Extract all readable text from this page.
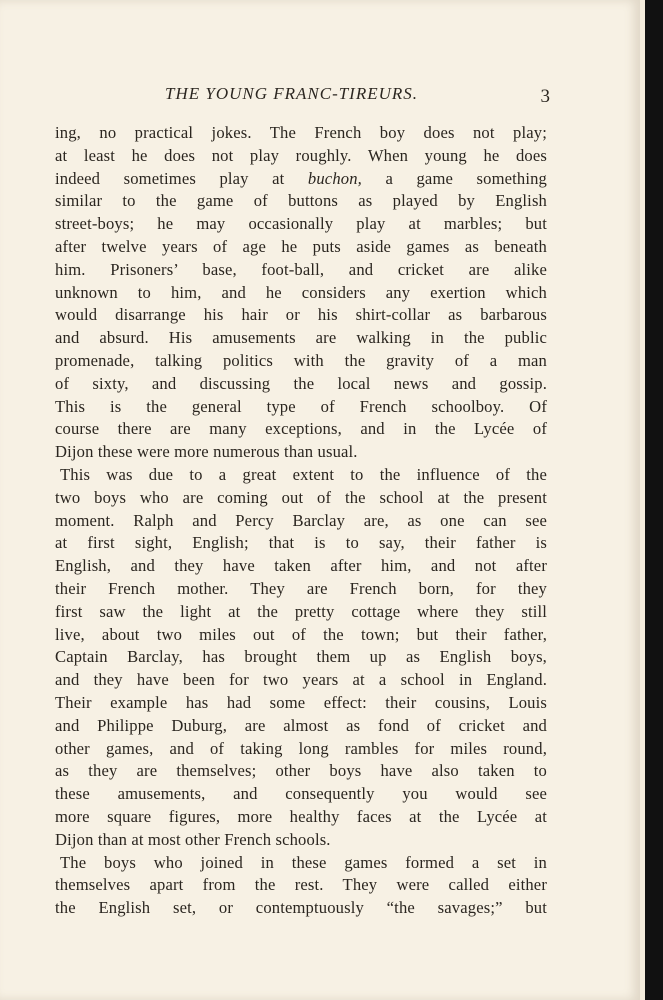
THE YOUNG FRANC-TIREURS.	3
ing, no practical jokes. The French boy does not play;
at least he does not play roughly. When young he does
indeed sometimes play at buchon, a game something
similar to the game of buttons as played by English
street-boys; he may occasionally play at marbles; but
after twelve years of age he puts aside games as beneath
him. Prisoners’ base, foot-ball, and cricket are alike
unknown to him, and he considers any exertion which
would disarrange his hair or his shirt-collar as barbarous
and absurd. His amusements are walking in the public
promenade, talking politics with the gravity of a man
of sixty, and discussing the local news and gossip.
This is the general type of French schoolboy. Of
course there are many exceptions, and in the Lycée of
Dijon these were more numerous than usual.
This was due to a great extent to the influence of the
two boys who are coming out of the school at the present
moment. Ralph and Percy Barclay are, as one can see
at first sight, English; that is to say, their father is
English, and they have taken after him, and not after
their French mother. They are French born, for they
first saw the light at the pretty cottage where they still
live, about two miles out of the town; but their father,
Captain Barclay, has brought them up as English boys,
and they have been for two years at a school in England.
Their example has had some effect: their cousins, Louis
and Philippe Duburg, are almost as fond of cricket and
other games, and of taking long rambles for miles round,
as they are themselves; other boys have also taken to
these amusements, and consequently you would see
more square figures, more healthy faces at the Lycée at
Dijon than at most other French schools.
The boys who joined in these games formed a set in
themselves apart from the rest. They were called either
the English set, or contemptuously “the savages;” but
